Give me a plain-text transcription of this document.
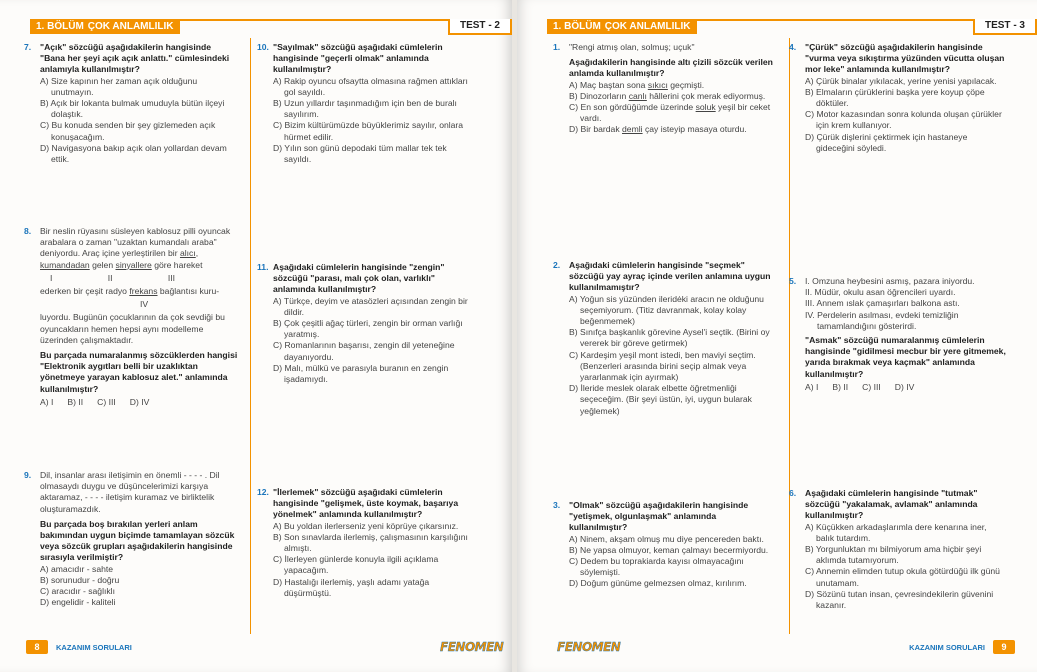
1. BÖLÜM ÇOK ANLAMLILIK	TEST - 2
7. "Açık" sözcüğü aşağıdakilerin hangisinde "Bana her şeyi açık açık anlattı." cümlesindeki anlamıyla kullanılmıştır?

A) Size kapının her zaman açık olduğunu unutmayın.

B) Açık bir lokanta bulmak umuduyla bütün ilçeyi dolaştık.

C) Bu konuda senden bir şey gizlemeden açık konuşacağım.

D) Navigasyona bakıp açık olan yollardan devam ettik.

8. Bir neslin rüyasını süsleyen kablosuz pilli oyuncak arabalara o zaman "uzaktan kumandalı araba" deniyordu. Araç içine yerleştirilen bir alıcı, kumandadan gelen sinyallere göre hareket

I	II	III

ederken bir çeşit radyo frekans bağlantısı kuru-

IV

luyordu. Bugünün çocuklarının da çok sevdiği bu oyuncakların hemen hepsi aynı modelleme üzerinden çalışmaktadır.

Bu parçada numaralanmış sözcüklerden hangisi "Elektronik aygıtları belli bir uzaklıktan yönetmeye yarayan kablosuz alet." anlamında kullanılmıştır?

A) I B) II C) III D) IV
9. Dil, insanlar arası iletişimin en önemli - - - - . Dil olmasaydı duygu ve düşüncelerimizi karşıya aktaramaz, - - - - iletişim kuramaz ve birliktelik oluşturamazdık.

Bu parçada boş bırakılan yerleri anlam bakımından uygun biçimde tamamlayan sözcük veya sözcük grupları aşağıdakilerin hangisinde sırasıyla verilmiştir?

A) amacıdır - sahte

B) sorunudur - doğru

C) aracıdır - sağlıklı

D) engelidir - kaliteli

10. "Sayılmak" sözcüğü aşağıdaki cümlelerin hangisinde "geçerli olmak" anlamında kullanılmıştır?

A) Rakip oyuncu ofsaytta olmasına rağmen attıkları gol sayıldı.

B) Uzun yıllardır taşınmadığım için ben de buralı sayılırım.

C) Bizim kültürümüzde büyüklerimiz sayılır, onlara hürmet edilir.

D) Yılın son günü depodaki tüm mallar tek tek sayıldı.

11. Aşağıdaki cümlelerin hangisinde "zengin" sözcüğü "parası, malı çok olan, varlıklı" anlamında kullanılmıştır?

A) Türkçe, deyim ve atasözleri açısından zengin bir dildir.

B) Çok çeşitli ağaç türleri, zengin bir orman varlığı yaratmış.

C) Romanlarının başarısı, zengin dil yeteneğine dayanıyordu.

D) Malı, mülkü ve parasıyla buranın en zengin işadamıydı.

12. "İlerlemek" sözcüğü aşağıdaki cümlelerin hangisinde "gelişmek, üste koymak, başarıya yönelmek" anlamında kullanılmıştır?

A) Bu yoldan ilerlerseniz yeni köprüye çıkarsınız.

B) Son sınavlarda ilerlemiş, çalışmasının karşılığını almıştı.

C) İlerleyen günlerde konuyla ilgili açıklama yapacağım.

D) Hastalığı ilerlemiş, yaşlı adamı yatağa düşürmüştü.

8	KAZANIM SORULARI	FENOMEN
1. BÖLÜM ÇOK ANLAMLILIK	TEST - 3
1. "Rengi atmış olan, solmuş; uçuk"

Aşağıdakilerin hangisinde altı çizili sözcük verilen anlamda kullanılmıştır?

A) Maç baştan sona sıkıcı geçmişti.

B) Dinozorların canlı hâllerini çok merak ediyormuş.

C) En son gördüğümde üzerinde soluk yeşil bir ceket vardı.

D) Bir bardak demli çay isteyip masaya oturdu.

2. Aşağıdaki cümlelerin hangisinde "seçmek" sözcüğü yay ayraç içinde verilen anlamına uygun kullanılmamıştır?

A) Yoğun sis yüzünden ileridėki aracın ne olduğunu seçemiyorum. (Titiz davranmak, kolay kolay beğenmemek)

B) Sınıfça başkanlık görevine Aysel'i seçtik. (Birini oy vererek bir göreve getirmek)

C) Kardeşim yeşil mont istedi, ben maviyi seçtim. (Benzerleri arasında birini seçip almak veya yararlanmak için ayırmak)

D) İleride meslek olarak elbette öğretmenliği seçeceğim. (Bir şeyi üstün, iyi, uygun bularak yeğlemek)

3. "Olmak" sözcüğü aşağıdakilerin hangisinde "yetişmek, olgunlaşmak" anlamında kullanılmıştır?

A) Ninem, akşam olmuş mu diye pencereden baktı.

B) Ne yapsa olmuyor, keman çalmayı becermiyordu.

C) Dedem bu toprakiarda kayısı olmayacağını söylemişti.

D) Doğum günüme gelmezsen olmaz, kırılırım.

4. "Çürük" sözcüğü aşağıdakilerin hangisinde "vurma veya sıkıştırma yüzünden vücutta oluşan mor leke" anlamında kullanılmıştır?

A) Çürük binalar yıkılacak, yerine yenisi yapılacak.

B) Elmaların çürüklerini başka yere koyup çöpe döktüler.

C) Motor kazasından sonra kolunda oluşan çürükler için krem kullanıyor.

D) Çürük dişlerini çektirmek için hastaneye gideceğini söyledi.

5. I. Omzuna heybesini asmış, pazara iniyordu.

II. Müdür, okulu asan öğrencileri uyardı.

III. Annem ıslak çamaşırları balkona astı.

IV. Perdelerin asılması, evdeki temizliğin tamamlandığını gösterirdi.

"Asmak" sözcüğü numaralanmış cümlelerin hangisinde "gidilmesi mecbur bir yere gitmemek, yarıda bırakmak veya kaçmak" anlamında kullanılmıştır?

A) I B) II C) III D) IV
6. Aşağıdaki cümlelerin hangisinde "tutmak" sözcüğü "yakalamak, avlamak" anlamında kullanılmıştır?

A) Küçükken arkadaşlarımla dere kenarına iner, balık tutardım.

B) Yorgunluktan mı bilmiyorum ama hiçbir şeyi aklımda tutamıyorum.

C) Annemin elimden tutup okula götürdüğü ilk günü unutamam.

D) Sözünü tutan insan, çevresindekilerin güvenini kazanır.

FENOMEN	KAZANIM SORULARI	9
